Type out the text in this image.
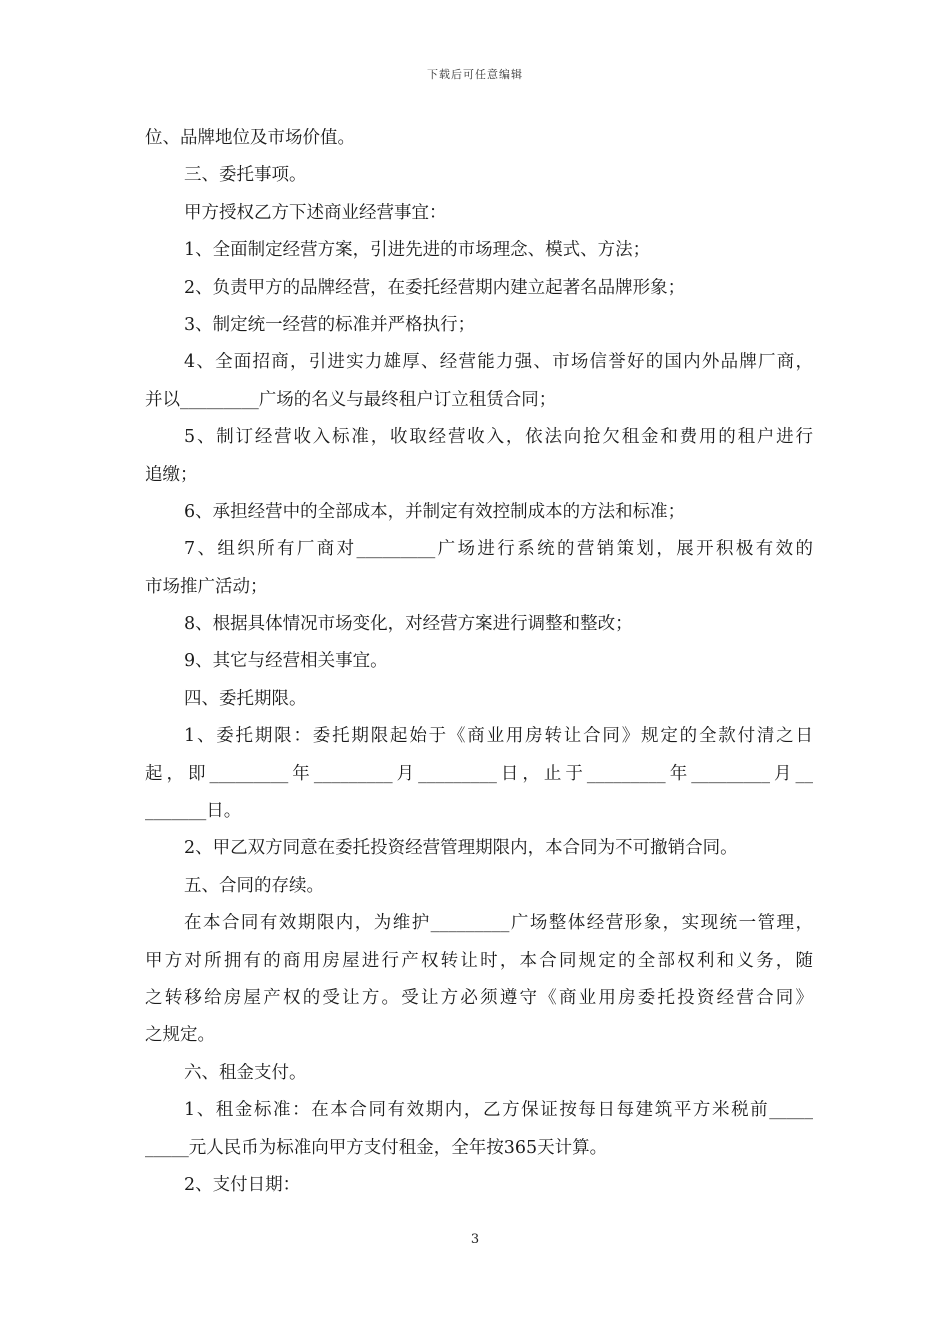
下载后可任意编辑
位、品牌地位及市场价值。
三、委托事项。
甲方授权乙方下述商业经营事宜：
1、全面制定经营方案，引进先进的市场理念、模式、方法；
2、负责甲方的品牌经营，在委托经营期内建立起著名品牌形象；
3、制定统一经营的标准并严格执行；
4、全面招商，引进实力雄厚、经营能力强、市场信誉好的国内外品牌厂商，
并以_________广场的名义与最终租户订立租赁合同；
5、制订经营收入标准，收取经营收入，依法向抢欠租金和费用的租户进行
追缴；
6、承担经营中的全部成本，并制定有效控制成本的方法和标准；
7、组织所有厂商对_________广场进行系统的营销策划，展开积极有效的
市场推广活动；
8、根据具体情况市场变化，对经营方案进行调整和整改；
9、其它与经营相关事宜。
四、委托期限。
1、委托期限：委托期限起始于《商业用房转让合同》规定的全款付清之日
起，即_________年_________月_________日，止于_________年_________月__
_______日。
2、甲乙双方同意在委托投资经营管理期限内，本合同为不可撤销合同。
五、合同的存续。
在本合同有效期限内，为维护_________广场整体经营形象，实现统一管理，
甲方对所拥有的商用房屋进行产权转让时，本合同规定的全部权利和义务，随
之转移给房屋产权的受让方。受让方必须遵守《商业用房委托投资经营合同》
之规定。
六、租金支付。
1、租金标准：在本合同有效期内，乙方保证按每日每建筑平方米税前_____
_____元人民币为标准向甲方支付租金，全年按365天计算。
2、支付日期：
3
